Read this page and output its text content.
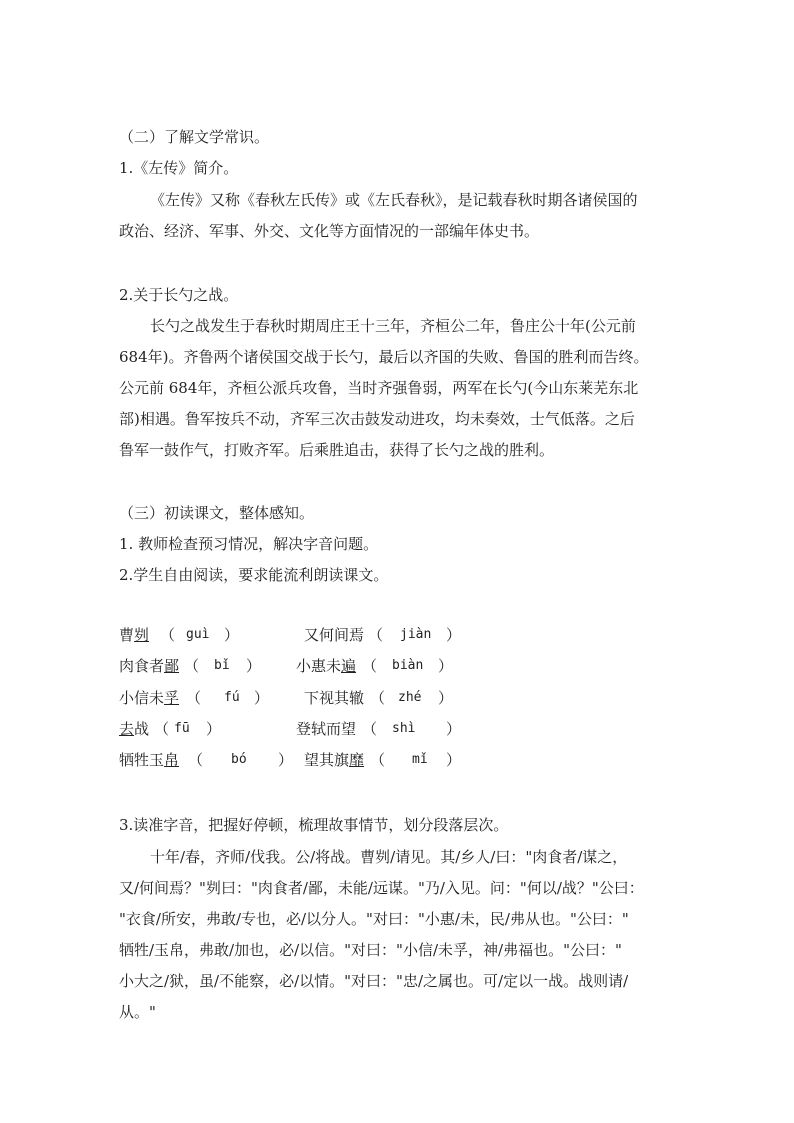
（二）了解文学常识。
1.《左传》简介。
《左传》又称《春秋左氏传》或《左氏春秋》，是记载春秋时期各诸侯国的
政治、经济、军事、外交、文化等方面情况的一部编年体史书。
2.关于长勺之战。
长勺之战发生于春秋时期周庄王十三年，齐桓公二年，鲁庄公十年(公元前
684年)。齐鲁两个诸侯国交战于长勺，最后以齐国的失败、鲁国的胜利而告终。
公元前 684年，齐桓公派兵攻鲁，当时齐强鲁弱，两军在长勺(今山东莱芜东北
部)相遇。鲁军按兵不动，齐军三次击鼓发动进攻，均未奏效，士气低落。之后
鲁军一鼓作气，打败齐军。后乘胜追击，获得了长勺之战的胜利。
（三）初读课文，整体感知。
1. 教师检查预习情况，解决字音问题。
2.学生自由阅读，要求能流利朗读课文。
曹刿 （ guì ）
肉食者鄙 （ bǐ ）
小信未孚 （ fú ）
去战 （ fū ）
牺牲玉帛 （ bó ）
又何间焉 （ jiàn ）
小惠未遍 （ biàn ）
下视其辙 （ zhé ）
登轼而望 （ shì ）
望其旗靡 （ mǐ ）
3.读准字音，把握好停顿，梳理故事情节，划分段落层次。
十年/春，齐师/伐我。公/将战。曹刿/请见。其/乡人/曰："肉食者/谋之，
又/何间焉？"刿曰："肉食者/鄙，未能/远谋。"乃/入见。问："何以/战？"公曰：
"衣食/所安，弗敢/专也，必/以分人。"对曰："小惠/未，民/弗从也。"公曰："
牺牲/玉帛，弗敢/加也，必/以信。"对曰："小信/未孚，神/弗福也。"公曰："
小大之/狱，虽/不能察，必/以情。"对曰："忠/之属也。可/定以一战。战则请/
从。"
